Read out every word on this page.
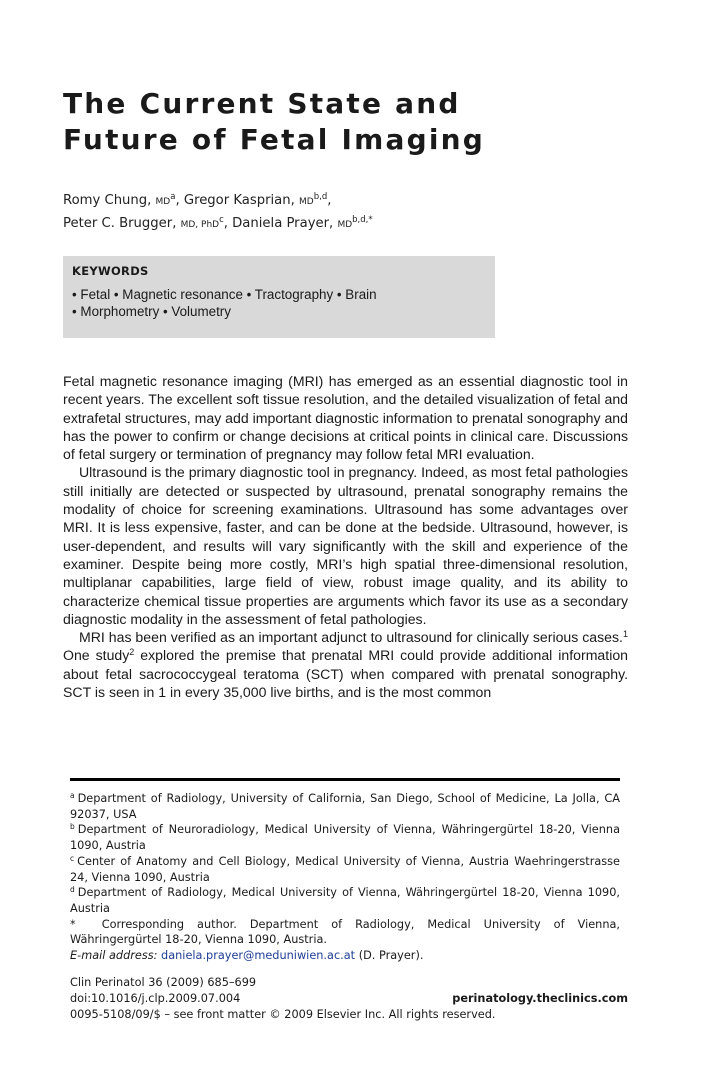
The Current State and
Future of Fetal Imaging
Romy Chung, $MD^a$, Gregor Kasprian, MD$^{b,d}$,
Peter C. Brugger, MD, PhD$^c$, Daniela Prayer, $MD^{b,d,*}$
KEYWORDS
• Fetal • Magnetic resonance • Tractography • Brain
• Morphometry • Volumetry

Fetal magnetic resonance imaging (MRI) has emerged as an essential diagnostic tool in recent years. The excellent soft tissue resolution, and the detailed visualization of fetal and extrafetal structures, may add important diagnostic information to prenatal sonography and has the power to confirm or change decisions at critical points in clinical care. Discussions of fetal surgery or termination of pregnancy may follow fetal MRI evaluation.

Ultrasound is the primary diagnostic tool in pregnancy. Indeed, as most fetal pathologies still initially are detected or suspected by ultrasound, prenatal sonography remains the modality of choice for screening examinations. Ultrasound has some advantages over MRI. It is less expensive, faster, and can be done at the bedside. Ultrasound, however, is user-dependent, and results will vary significantly with the skill and experience of the examiner. Despite being more costly, MRI’s high spatial three-dimensional resolution, multiplanar capabilities, large field of view, robust image quality, and its ability to characterize chemical tissue properties are arguments which favor its use as a secondary diagnostic modality in the assessment of fetal pathologies.

MRI has been verified as an important adjunct to ultrasound for clinically serious cases.$^1$ One study$^2$ explored the premise that prenatal MRI could provide additional information about fetal sacrococcygeal teratoma (SCT) when compared with prenatal sonography. SCT is seen in 1 in every 35,000 live births, and is the most common

$^a$ Department of Radiology, University of California, San Diego, School of Medicine, La Jolla, CA 92037, USA

$^b$ Department of Neuroradiology, Medical University of Vienna, Währingergürtel 18-20, Vienna 1090, Austria

$^c$ Center of Anatomy and Cell Biology, Medical University of Vienna, Austria Waehringerstrasse 24, Vienna 1090, Austria

$^d$ Department of Radiology, Medical University of Vienna, Währingergürtel 18-20, Vienna 1090, Austria

* Corresponding author. Department of Radiology, Medical University of Vienna, Währingergürtel 18-20, Vienna 1090, Austria.

E-mail address: daniela.prayer@meduniwien.ac.at (D. Prayer).

Clin Perinatol 36 (2009) 685–699
doi:10.1016/j.clp.2009.07.004	perinatology.theclinics.com
0095-5108/09/$ – see front matter © 2009 Elsevier Inc. All rights reserved.
